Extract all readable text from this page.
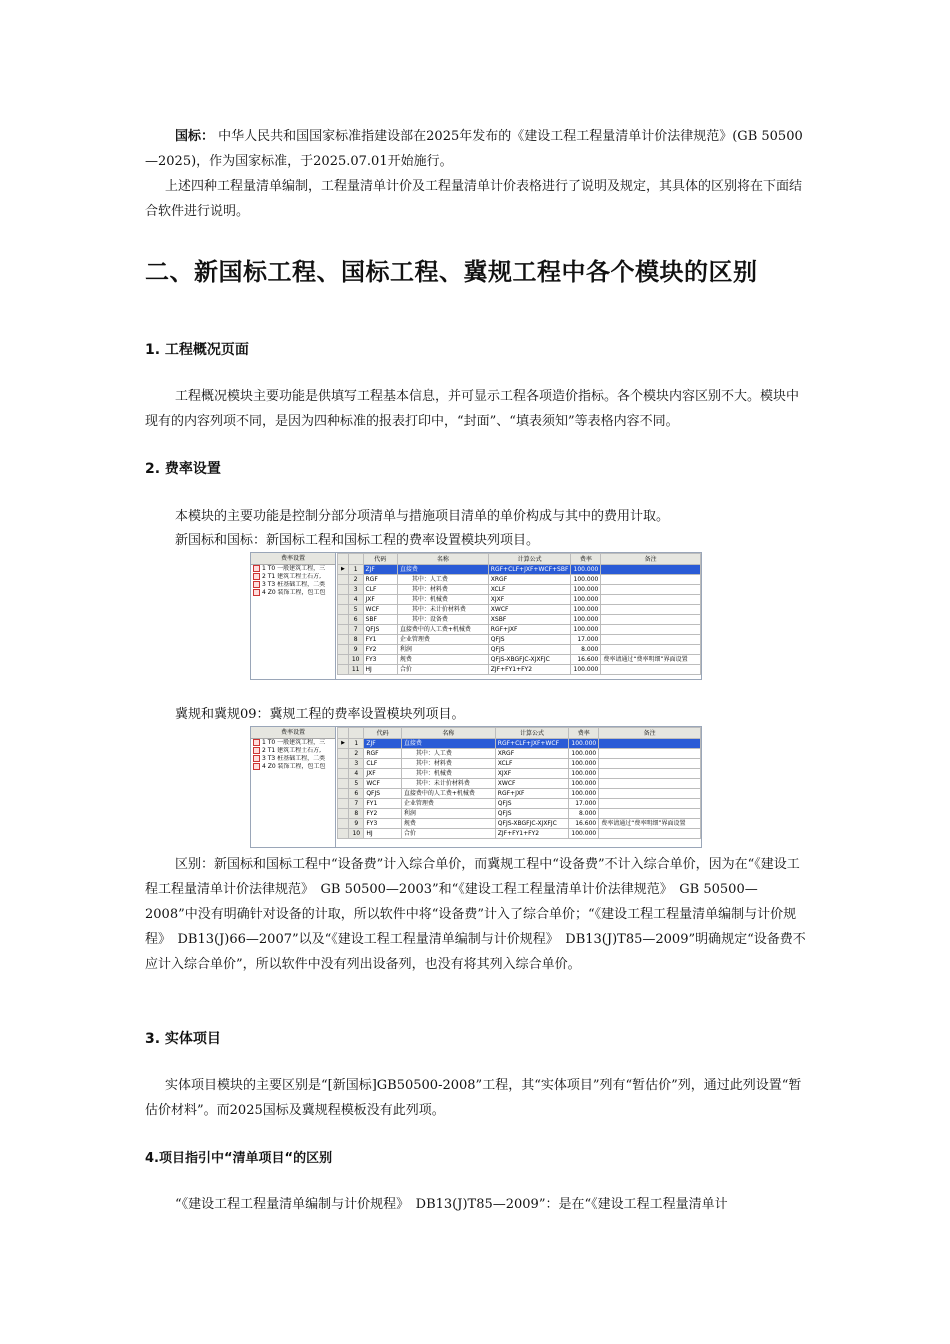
国标： 中华人民共和国国家标准指建设部在2025年发布的《建设工程工程量清单计价法律规范》(GB 50500—2025)，作为国家标准，于2025.07.01开始施行。

上述四种工程量清单编制，工程量清单计价及工程量清单计价表格进行了说明及规定，其具体的区别将在下面结合软件进行说明。

二、新国标工程、国标工程、冀规工程中各个模块的区别
1. 工程概况页面

工程概况模块主要功能是供填写工程基本信息，并可显示工程各项造价指标。各个模块内容区别不大。模块中现有的内容列项不同，是因为四种标准的报表打印中，“封面”、“填表须知”等表格内容不同。

2. 费率设置

本模块的主要功能是控制分部分项清单与措施项目清单的单价构成与其中的费用计取。

新国标和国标：新国标工程和国标工程的费率设置模块列项目。

费率设置
1 T0 一般建筑工程，三
2 T1 建筑工程土石方,
3 T3 桩基础工程，二类
4 Z0 装饰工程，包工包
		代码	名称	计算公式	费率	备注
▶	1	ZJF	直接费	RGF+CLF+JXF+WCF+SBF	100.000	
	2	RGF	其中：人工费	XRGF	100.000	
	3	CLF	其中：材料费	XCLF	100.000	
	4	JXF	其中：机械费	XJXF	100.000	
	5	WCF	其中：未计价材料费	XWCF	100.000	
	6	SBF	其中：设备费	XSBF	100.000	
	7	QFJS	直接费中的人工费+机械费	RGF+JXF	100.000	
	8	FY1	企业管理费	QFJS	17.000	
	9	FY2	利润	QFJS	8.000	
	10	FY3	规费	QFJS-XBGFJC-XJXFJC	16.600	费率请通过“费率明细”界面设置
	11	HJ	合价	ZJF+FY1+FY2	100.000	

冀规和冀规09：冀规工程的费率设置模块列项目。

费率设置
1 T0 一般建筑工程，三
2 T1 建筑工程土石方,
3 T3 桩基础工程，二类
4 Z0 装饰工程，包工包
		代码	名称	计算公式	费率	备注
▶	1	ZJF	直接费	RGF+CLF+JXF+WCF	100.000	
	2	RGF	其中：人工费	XRGF	100.000	
	3	CLF	其中：材料费	XCLF	100.000	
	4	JXF	其中：机械费	XJXF	100.000	
	5	WCF	其中：未计价材料费	XWCF	100.000	
	6	QFJS	直接费中的人工费+机械费	RGF+JXF	100.000	
	7	FY1	企业管理费	QFJS	17.000	
	8	FY2	利润	QFJS	8.000	
	9	FY3	规费	QFJS-XBGFJC-XJXFJC	16.600	费率请通过“费率明细”界面设置
	10	HJ	合价	ZJF+FY1+FY2	100.000	

区别：新国标和国标工程中“设备费”计入综合单价，而冀规工程中“设备费”不计入综合单价，因为在“《建设工程工程量清单计价法律规范》　GB 50500—2003”和“《建设工程工程量清单计价法律规范》　GB 50500—2008”中没有明确针对设备的计取，所以软件中将“设备费”计入了综合单价；“《建设工程工程量清单编制与计价规程》　DB13(J)66—2007”以及“《建设工程工程量清单编制与计价规程》　DB13(J)T85—2009”明确规定“设备费不应计入综合单价”，所以软件中没有列出设备列，也没有将其列入综合单价。

3. 实体项目

实体项目模块的主要区别是“[新国标]GB50500-2008”工程，其“实体项目”列有“暂估价”列，通过此列设置“暂估价材料”。而2025国标及冀规程模板没有此列项。

4.项目指引中“清单项目“的区别

“《建设工程工程量清单编制与计价规程》　DB13(J)T85—2009”：是在“《建设工程工程量清单计
